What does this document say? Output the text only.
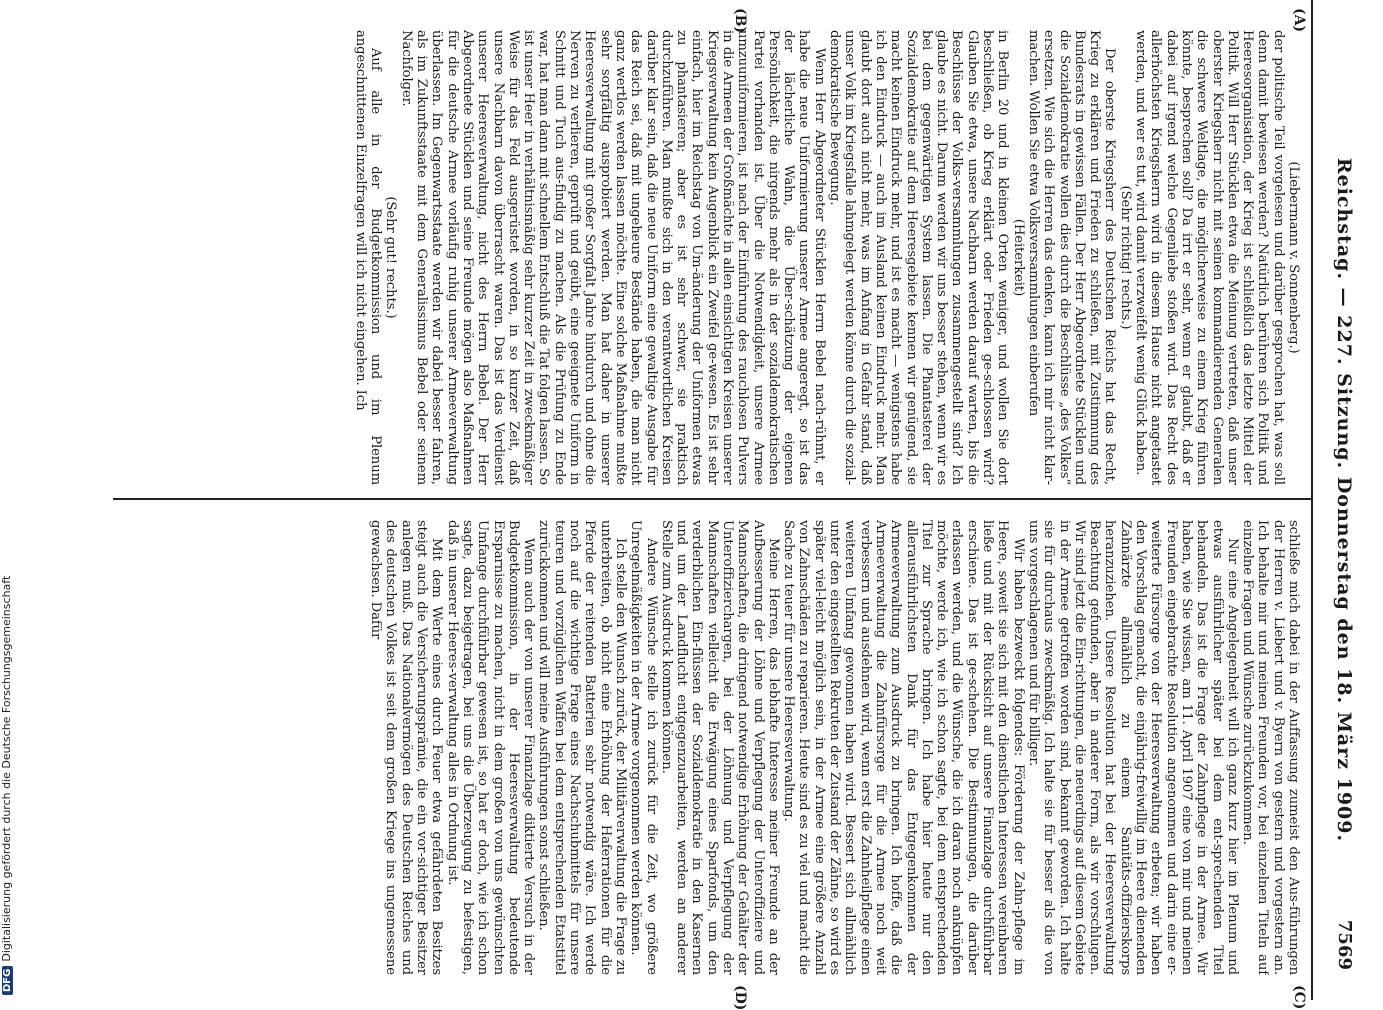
Reichstag. — 227. Sitzung. Donnerstag den 18. März 1909.
7569
(A)
(B)
(C)
(D)

(Liebermann v. Sonnenberg.)

der politische Teil vorgelesen und darüber gesprochen hat, was soll denn damit bewiesen werden? Natürlich berühren sich Politik und Heeresorganisation, der Krieg ist schließlich das letzte Mittel der Politik. Will Herr Stücklen etwa die Meinung vertreten, daß unser oberster Kriegsherr nicht mit seinen kommandierenden Generalen die schwere Weltlage, die möglicherweise zu einem Krieg führen könnte, besprechen soll? Da irrt er sehr, wenn er glaubt, daß er dabei auf irgend welche Gegenliebe stoßen wird. Das Recht des allerhöchsten Kriegsherrn wird in diesem Hause nicht angetastet werden, und wer es tut, wird damit verzweifelt wenig Glück haben.

(Sehr richtig! rechts.)

Der oberste Kriegsherr des Deutschen Reichs hat das Recht, Krieg zu erklären und Frieden zu schließen, mit Zustimmung des Bundesrats in gewissen Fällen. Der Herr Abgeordnete Stücklen und die Sozialdemokratie wollen dies durch die Beschlüsse „des Volkes“ ersetzen. Wie sich die Herren das denken, kann ich mir nicht klar-machen. Wollen Sie etwa Volksversammlungen einberufen

(Heiterkeit)

in Berlin 20 und in kleinen Orten weniger, und wollen Sie dort beschließen, ob Krieg erklärt oder Frieden ge-schlossen wird? Glauben Sie etwa, unsere Nachbarn werden darauf warten, bis die Beschlüsse der Volks-versammlungen zusammengestellt sind? Ich glaube es nicht. Darum werden wir uns besser stehen, wenn wir es bei dem gegenwärtigen System lassen. Die Phantasterei der Sozialdemokratie auf dem Heeresgebiete kennen wir genügend, sie macht keinen Eindruck mehr, und ist es macht — wenigstens habe ich den Eindruck — auch im Ausland keinen Eindruck mehr. Man glaubt dort auch nicht mehr, was im Anfang in Gefahr stand, daß unser Volk im Kriegsfalle lahmgelegt werden könne durch die sozial-demokratische Bewegung.

Wenn Herr Abgeordneter Stücklen Herrn Bebel nach-rühmt, er habe die neue Uniformierung unserer Armee angeregt, so ist das der lächerliche Wahn, die Über-schätzung der eigenen Persönlichkeit, die nirgends mehr als in der sozialdemokratischen Partei vorhanden ist. Über die Notwendigkeit, unsere Armee umzuuniformieren, ist nach der Einführung des rauchlosen Pulvers in die Armeen der Großmächte in allen einsichtigen Kreisen unserer Kriegsverwaltung kein Augenblick ein Zweifel ge-wesen. Es ist sehr einfach, hier im Reichstag von Um-änderung der Uniformen etwas zu phantasieren; aber es ist sehr schwer, sie praktisch durchzuführen. Man mußte sich in den verantwortlichen Kreisen darüber klar sein, daß die neue Uniform eine gewaltige Ausgabe für das Reich sei, daß mit ungeheure Bestände haben, die man nicht ganz wertlos werden lassen möchte. Eine solche Maßnahme mußte sehr sorgfältig ausprobiert werden. Man hat daher in unserer Heeresverwaltung mit großer Sorgfalt Jahre hindurch und ohne die Nerven zu verlieren, geprüft und geübt, eine geeignete Uniform in Schnitt und Tuch aus-findig zu machen. Als die Prüfung zu Ende war, hat man dann mit schnellem Entschluß die Tat folgen lassen. So ist unser Heer in verhältnismäßig sehr kurzer Zeit in zweckmäßiger Weise für das Feld ausgerüstet worden, in so kurzer Zeit, daß unsere Nachbarn davon überrascht waren. Das ist das Verdienst unserer Heeresverwaltung, nicht des Herrn Bebel. Der Herr Abgeordnete Stücklen und seine Freunde mögen also Maßnahmen für die deutsche Armee vorläufig ruhig unserer Armeeverwaltung überlassen. Im Gegenwartsstaate werden wir dabei besser fahren, als im Zukunftsstaate mit dem Generalissimus Bebel oder seinem Nachfolger.

(Sehr gut! rechts.)

Auf alle in der Budgetkommission und im Plenum angeschnittenen Einzelfragen will ich nicht eingehen. Ich

schließe mich dabei in der Auffassung zumeist den Aus-führungen der Herren v. Liebert und v. Byern von gestern und vorgestern an. Ich behalte mir und meinen Freunden vor, bei einzelnen Titeln auf einzelne Fragen und Wünsche zurückzukommen.

Nur eine Angelegenheit will ich ganz kurz hier im Plenum und etwas ausführlicher später bei dem ent-sprechenden Titel behandeln. Das ist die Frage der Zahnpflege in der Armee. Wir haben, wie Sie wissen, am 11. April 1907 eine von mir und meinen Freunden eingebrachte Resolution angenommen und darin eine er-weiterte Fürsorge von der Heeresverwaltung erbeten; wir haben den Vorschlag gemacht, die einjährig-freiwillig im Heere dienenden Zahnärzte allmählich zu einem Sanitäts-offizierskorps heranzuziehen. Unsere Resolution hat bei der Heeresverwaltung Beachtung gefunden, aber in anderer Form, als wir vorschlugen. Wir sind jetzt die Ein-richtungen, die neuerdings auf diesem Gebiete in der Armee getroffen worden sind, bekannt geworden. Ich halte sie für durchaus zweckmäßig. Ich halte sie für besser als die von uns vorgeschlagenen und für billiger.

Wir haben bezweckt folgendes: Förderung der Zahn-pflege im Heere, soweit sie sich mit den dienstlichen Interessen vereinbaren ließe und mit der Rücksicht auf unsere Finanzlage durchführbar erschiene. Das ist ge-schehen. Die Bestimmungen, die darüber erlassen werden, und die Wünsche, die ich daran noch anknüpfen möchte, werde ich, wie ich schon sagte, bei dem entsprechenden Titel zur Sprache bringen. Ich habe hier heute nur den allerausführlichsten Dank für das Entgegenkommen der Armeeverwaltung zum Ausdruck zu bringen. Ich hoffe, daß die Armeeverwaltung die Zahnfürsorge für die Armee noch weit verbessern und ausdehnen wird, wenn erst die Zahnheilpflege einen weiteren Umfang gewonnen haben wird. Bessert sich allmählich unter den eingestellten Rekruten der Zustand der Zähne, so wird es später viel-leicht möglich sein, in der Armee eine größere Anzahl von Zahnschäden zu reparieren. Heute sind es zu viel und macht die Sache zu teuer für unsere Heeresverwaltung.

Meine Herren, das lebhafte Interesse meiner Freunde an der Aufbesserung der Löhne und Verpflegung der Unteroffiziere und Mannschaften, die dringend notwendige Erhöhung der Gehälter der Unteroffizierchargen, bei der Löhnung und Verpflegung der Mannschaften vielleicht die Erwägung eines Sparfonds, um den verderblichen Ein-flüssen der Sozialdemokratie in den Kasernen und um der Landflucht entgegenzuarbeiten, werden an anderer Stelle zum Ausdruck kommen können.

Andere Wünsche stelle ich zurück für die Zeit, wo größere Unregelmäßigkeiten in der Armee vorgenommen werden können.

Ich stelle den Wunsch zurück, der Militärverwaltung die Frage zu unterbreiten, ob nicht eine Erhöhung der Haferrationen für die Pferde der reitenden Batterien sehr notwendig wäre. Ich werde noch auf die wichtige Frage eines Nachschubmittels für unsere teuren und vorzüglichen Waffen bei dem entsprechenden Etatstitel zurückkommen und will meine Ausführungen sonst schließen.

Wenn auch der von unserer Finanzlage diktierte Versuch in der Budgetkommission, in der Heeresverwaltung bedeutende Ersparnisse zu machen, nicht in dem großen von uns gewünschten Umfange durchführbar gewesen ist, so hat er doch, wie ich schon sagte, dazu beigetragen, bei uns die Überzeugung zu befestigen, daß in unserer Heeres-verwaltung alles in Ordnung ist.

Mit dem Werte eines durch Feuer etwa gefährdeten Besitzes steigt auch die Versicherungsprämie, die ein vor-sichtiger Besitzer anlegen muß. Das Nationalvermögen des Deutschen Reiches und des deutschen Volkes ist seit dem großen Kriege ins ungemessene gewachsen. Dafür

DFGDigitalisierung gefördert durch die Deutsche Forschungsgemeinschaft
